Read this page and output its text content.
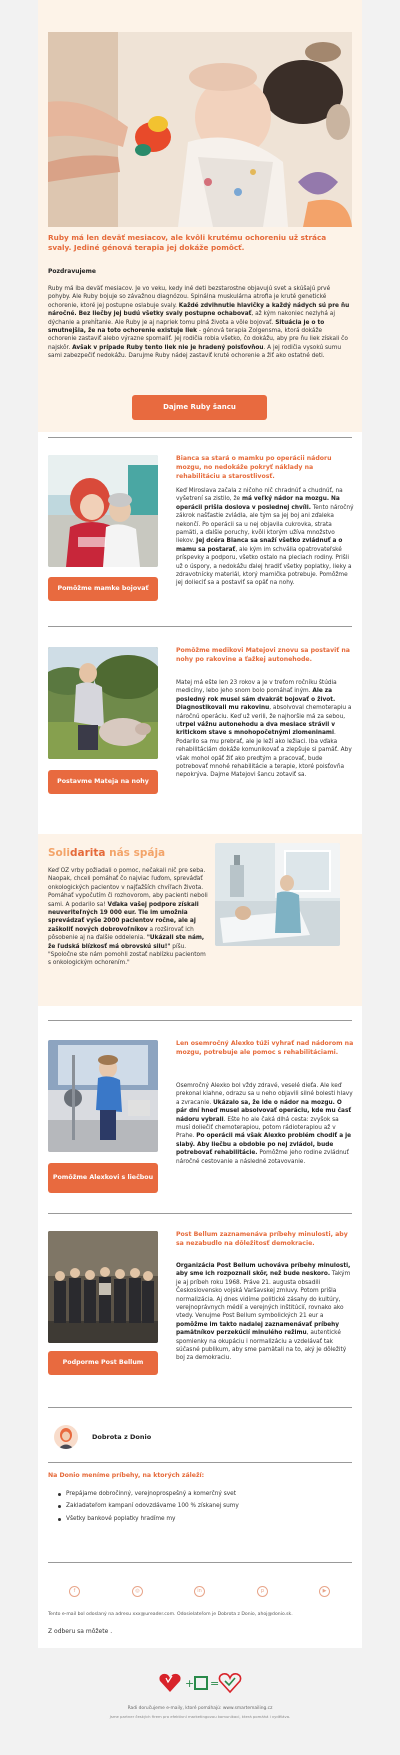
Ruby má len deväť mesiacov, ale kvôli krutému ochoreniu už stráca svaly. Jediné génová terapia jej dokáže pomôcť.
Pozdravujeme
Ruby má iba deväť mesiacov. Je vo veku, kedy iné deti bezstarostne objavujú svet a skúšajú prvé pohyby. Ale Ruby bojuje so závažnou diagnózou. Spinálna muskulárna atrofia je kruté genetické ochorenie, ktoré jej postupne oslabuje svaly. Každé zdvihnutie hlavičky a každý nádych sú pre ňu náročné. Bez liečby jej budú všetky svaly postupne ochabovať, až kým nakoniec nezlyhá aj dýchanie a prehĺtanie. Ale Ruby je aj napriek tomu plná života a vôle bojovať. Situácia je o to smutnejšia, že na toto ochorenie existuje liek - génová terapia Zolgensma, ktorá dokáže ochorenie zastaviť alebo výrazne spomaliť. Jej rodičia robia všetko, čo dokážu, aby pre ňu liek získali čo najskôr. Avšak v prípade Ruby tento liek nie je hradený poisťovňou. A jej rodičia vysokú sumu sami zabezpečiť nedokážu. Darujme Ruby nádej zastaviť kruté ochorenie a žiť ako ostatné deti.
Dajme Ruby šancu
Bianca sa stará o mamku po operácii nádoru mozgu, no nedokáže pokryť náklady na rehabilitáciu a starostlivosť.
Keď Miroslava začala z ničoho nič chradnúť a chudnúť, na vyšetrení sa zistilo, že má veľký nádor na mozgu. Na operácii prišla doslova v poslednej chvíli. Tento náročný zákrok našťastie zvládla, ale tým sa jej boj ani zďaleka nekončí. Po operácii sa u nej objavila cukrovka, strata pamäti, a ďalšie poruchy, kvôli ktorým užíva množstvo liekov. Jej dcéra Bianca sa snaží všetko zvládnuť a o mamu sa postarať, ale kým im schvália opatrovateľské príspevky a podporu, všetko ostalo na pleciach rodiny. Prišli už o úspory, a nedokážu ďalej hradiť všetky poplatky, lieky a zdravotnícky materiál, ktorý mamička potrebuje. Pomôžme jej dolieciť sa a postaviť sa opäť na nohy.
Pomôžme mamke bojovať
Pomôžme medikovi Matejovi znovu sa postaviť na nohy po rakovine a ťažkej autonehode.
Matej má ešte len 23 rokov a je v treťom ročníku štúdia medicíny, lebo jeho snom bolo pomáhať iným. Ale za posledný rok musel sám dvakrát bojovať o život. Diagnostikovali mu rakovinu, absolvoval chemoterapiu a náročnú operáciu. Keď už verili, že najhoršie má za sebou, utrpel vážnu autonehodu a dva mesiace strávil v kritickom stave s mnohopočetnými zlomeninami. Podarilo sa mu prebrať, ale je leží ako ležiaci. Iba vďaka rehabilitáciám dokáže komunikovať a zlepšuje si pamäť. Aby však mohol opäť žiť ako predtým a pracovať, bude potrebovať mnohé rehabilitácie a terapie, ktoré poisťovňa nepokrýva. Dajme Matejovi šancu zotaviť sa.
Postavme Mateja na nohy
Solidarita nás spája
Keď OZ vrby požiadali o pomoc, nečakali nič pre seba. Naopak, chceli pomáhať čo najviac ľuďom, spreváďať onkologických pacientov v najťažších chvíľach života. Pomáhať vypočutím či rozhovorom, aby pacienti neboli sami. A podarilo sa! Vďaka vašej podpore získali neuveriteľných 19 000 eur. Tie im umožnia sprevádzať vyše 2000 pacientov ročne, ale aj zaškoliť nových dobrovoľníkov a rozširovať ich pôsobenie aj na ďalšie oddelenia. "Ukázali ste nám, že ľudská blízkosť má obrovskú silu!" píšu. "Spoločne ste nám pomohli zostať nablízku pacientom s onkologickým ochorením."
Len osemročný Alexko túži vyhrať nad nádorom na mozgu, potrebuje ale pomoc s rehabilitáciami.
Osemročný Alexko bol vždy zdravé, veselé dieťa. Ale keď prekonal kiahne, odrazu sa u neho objavili silné bolesti hlavy a zvracanie. Ukázalo sa, že ide o nádor na mozgu. O pár dní hneď musel absolvovať operáciu, kde mu časť nádoru vybrali. Ešte ho ale čaká dlhá cesta: zvyšok sa musí doliečiť chemoterapiou, potom rádioterapiou až v Prahe. Po operácii má však Alexko problém chodiť a je slabý. Aby liečbu a obdobie po nej zvládol, bude potrebovať rehabilitácie. Pomôžme jeho rodine zvládnuť náročné cestovanie a následné zotavovanie.
Pomôžme Alexkovi s liečbou
Post Bellum zaznamenáva príbehy minulosti, aby sa nezabudlo na dôležitosť demokracie.
Organizácia Post Bellum uchováva príbehy minulosti, aby sme ich rozpoznali skôr, než bude neskoro. Takým je aj príbeh roku 1968. Práve 21. augusta obsadili Československo vojská Varšavskej zmluvy. Potom prišla normalizácia. Aj dnes vidíme politické zásahy do kultúry, verejnoprávnych médií a verejných inštitúcií, rovnako ako vtedy. Venujme Post Bellum symbolických 21 eur a pomôžme im takto nadalej zaznamenávať príbehy pamätníkov perzekúcií minulého režimu, autentické spomienky na okupáciu i normalizáciu a vzdelávať tak súčasné publikum, aby sme pamätali na to, aký je dôležitý boj za demokraciu.
Podporme Post Bellum
Dobrota z Donio
Na Donio meníme príbehy, na ktorých záleží:
Prepájame dobročinný, verejnoprospešný a komerčný svet
Zakladateľom kampaní odovzdávame 100 % získanej sumy
Všetky bankové poplatky hradíme my
f	◎	in	p	▶
Tento e-mail bol odoslaný na adresu xxx@ureader.com. Odosielateľom je Dobrota z Donio, ahoj@donio.sk.
Z odberu sa môžete .
+ =
Radi doručujeme e-maily, ktoré pomáhajú: www.smartemailing.cz
Jsme partner českých firem pro efektivní marketingovou komunikaci, která pomáhá i vyděláva.
